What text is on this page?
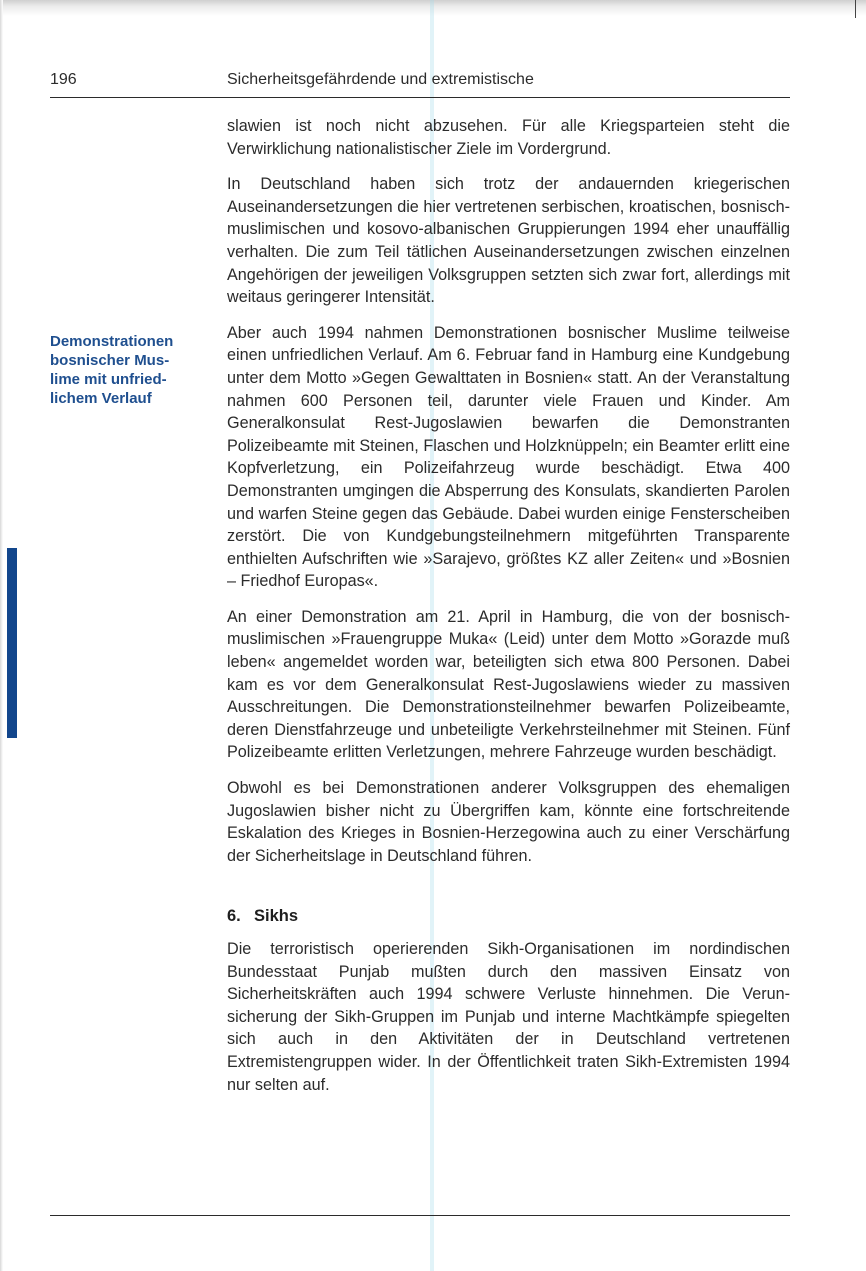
196	Sicherheitsgefährdende und extremistische
Demonstrationen
bosnischer Mus-
lime mit unfried-
lichem Verlauf

slawien ist noch nicht abzusehen. Für alle Kriegsparteien steht die Verwirklichung nationalistischer Ziele im Vordergrund.

In Deutschland haben sich trotz der andauernden kriegerischen Auseinandersetzungen die hier vertretenen serbischen, kroatischen, bosnisch-muslimischen und kosovo-albanischen Gruppierungen 1994 eher unauffällig verhalten. Die zum Teil tätlichen Auseinandersetzungen zwischen einzelnen Angehörigen der jeweiligen Volksgruppen setzten sich zwar fort, allerdings mit weitaus geringerer Intensität.

Aber auch 1994 nahmen Demonstrationen bosnischer Muslime teilweise einen unfriedlichen Verlauf. Am 6. Februar fand in Hamburg eine Kundgebung unter dem Motto »Gegen Gewalttaten in Bosnien« statt. An der Veranstaltung nahmen 600 Personen teil, darunter viele Frauen und Kinder. Am Generalkonsulat Rest-Jugoslawien bewarfen die Demonstranten Polizeibeamte mit Steinen, Flaschen und Holzknüppeln; ein Beamter erlitt eine Kopfverletzung, ein Polizeifahrzeug wurde beschädigt. Etwa 400 Demonstranten umgingen die Absperrung des Konsulats, skandierten Parolen und warfen Steine gegen das Gebäude. Dabei wurden einige Fensterscheiben zerstört. Die von Kundgebungsteilnehmern mitgeführten Transparente enthielten Aufschriften wie »Sarajevo, größtes KZ aller Zeiten« und »Bosnien – Friedhof Europas«.

An einer Demonstration am 21. April in Hamburg, die von der bosnischmuslimischen »Frauengruppe Muka« (Leid) unter dem Motto »Gorazde muß leben« angemeldet worden war, beteiligten sich etwa 800 Personen. Dabei kam es vor dem Generalkonsulat Rest-Jugoslawiens wieder zu massiven Ausschreitungen. Die Demonstrationsteilnehmer bewarfen Polizeibeamte, deren Dienstfahrzeuge und unbeteiligte Verkehrsteilnehmer mit Steinen. Fünf Polizeibeamte erlitten Verletzungen, mehrere Fahrzeuge wurden beschädigt.

Obwohl es bei Demonstrationen anderer Volksgruppen des ehemaligen Jugoslawien bisher nicht zu Übergriffen kam, könnte eine fortschreitende Eskalation des Krieges in Bosnien-Herzegowina auch zu einer Verschärfung der Sicherheitslage in Deutschland führen.

6. Sikhs

Die terroristisch operierenden Sikh-Organisationen im nordindischen Bundesstaat Punjab mußten durch den massiven Einsatz von Sicherheitskräften auch 1994 schwere Verluste hinnehmen. Die Verunsicherung der Sikh-Gruppen im Punjab und interne Machtkämpfe spiegelten sich auch in den Aktivitäten der in Deutschland vertretenen Extremistengruppen wider. In der Öffentlichkeit traten Sikh-Extremisten 1994 nur selten auf.
